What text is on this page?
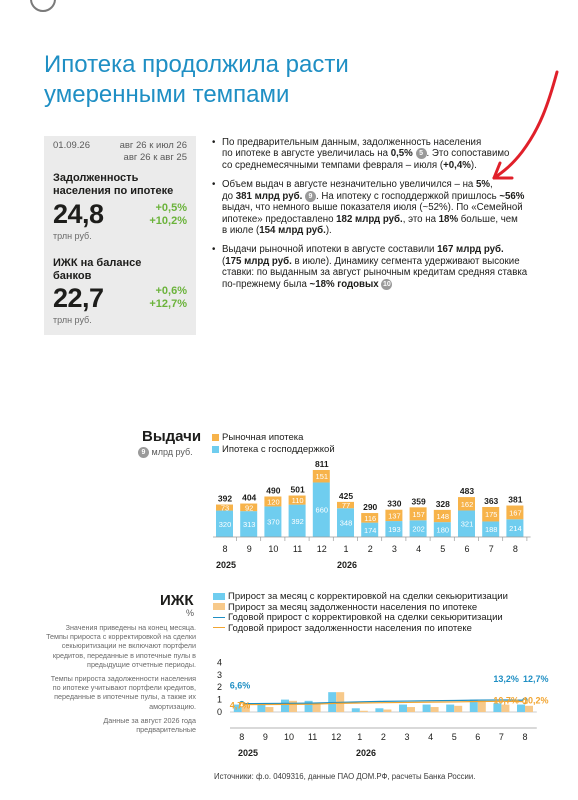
Ипотека продолжила расти
умеренными темпами
01.09.26	авг 26 к июл 26
авг 26 к авг 25
Задолженность
населения по ипотеке
24,8
трлн руб.
+0,5%
+10,2%
ИЖК на балансе
банков
22,7
трлн руб.
+0,6%
+12,7%
• По предварительным данным, задолженность населения
по ипотеке в августе увеличилась на 0,5% 5 . Это сопоставимо
со среднемесячными темпами февраля – июля (+0,4%).
• Объем выдач в августе незначительно увеличился – на 5%,
до 381 млрд руб. 9 . На ипотеку с господдержкой пришлось ~56%
выдач, что немного выше показателя июля (~52%). По «Семейной
ипотеке» предоставлено 182 млрд руб., это на 18% больше, чем
в июле (154 млрд руб.).
• Выдачи рыночной ипотеки в августе составили 167 млрд руб.
(175 млрд руб. в июле). Динамику сегмента удерживают высокие
ставки: по выданным за август рыночным кредитам средняя ставка
по-прежнему была ~18% годовых 10
Выдачи
9 млрд руб.
Рыночная ипотека
Ипотека с господдержкой
320
73
392
8
313
92
404
9
370
120
490
10
392
110
501
11
660
151
811
12
348
77
425
1
174
116
290
2
193
137
330
3
202
157
359
4
180
148
328
5
321
162
483
6
188
175
363
7
214
167
381
8
2025	2026
0
1
2
3
4
8 9 10 11 12 1 2 3 4 5 6 7 8
2025	2026
6,6%
4,7%
13,2%
10,7%
12,7%
10,2%
ИЖК
%
Прирост за месяц с корректировкой на сделки секьюритизации
Прирост за месяц задолженности населения по ипотеке
Годовой прирост с корректировкой на сделки секьюритизации
Годовой прирост задолженности населения по ипотеке

Значения приведены на конец месяца. Темпы прироста с корректировкой на сделки секьюритизации не включают портфели кредитов, переданные в ипотечные пулы в предыдущие отчетные периоды.

Темпы прироста задолженности населения по ипотеке учитывают портфели кредитов, переданные в ипотечные пулы, а также их амортизацию.

Данные за август 2026 года предварительные

Источники: ф.о. 0409316, данные ПАО ДОМ.РФ, расчеты Банка России.
